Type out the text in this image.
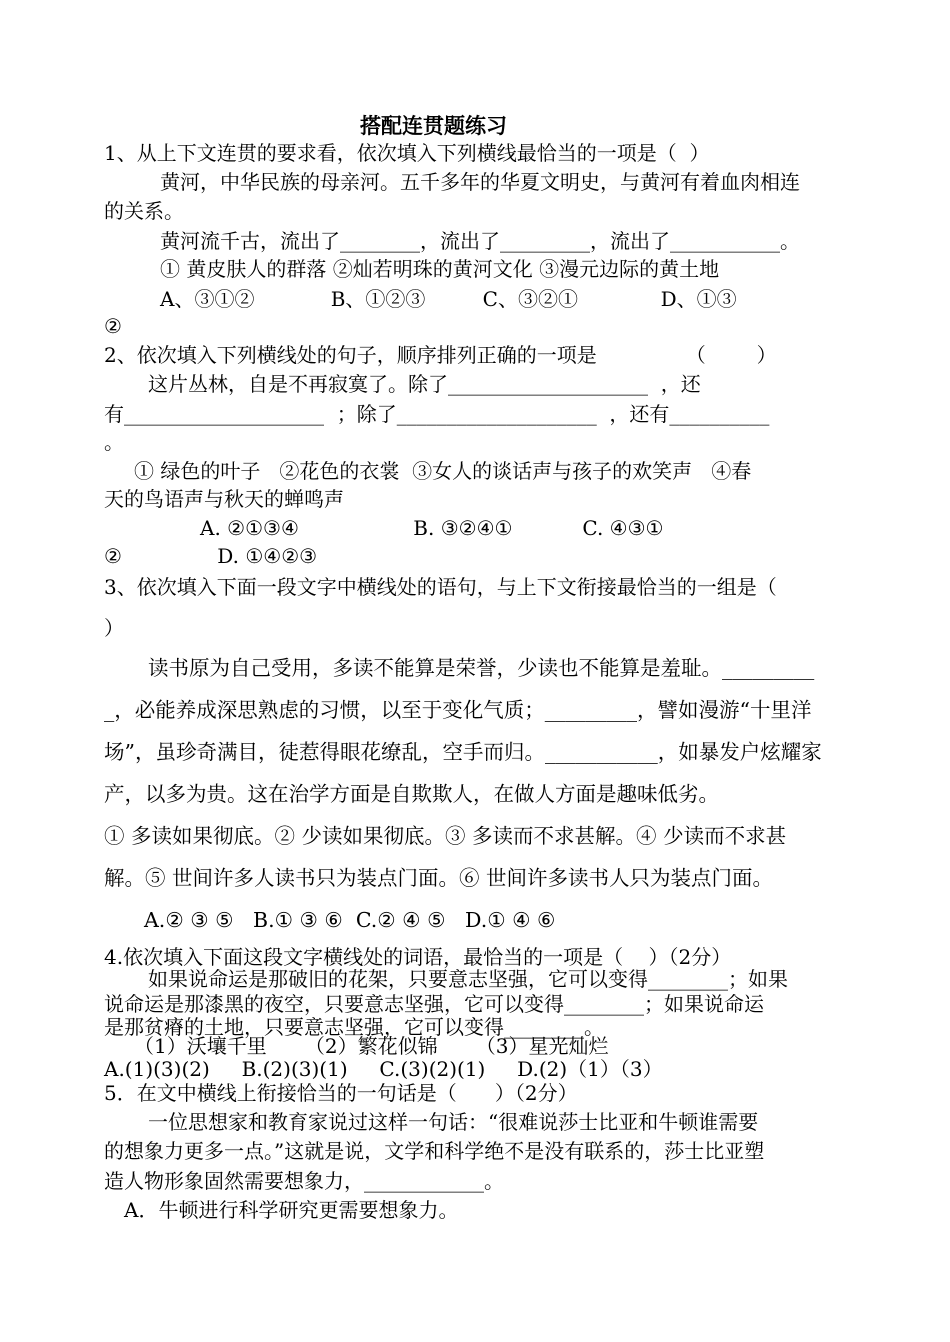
搭配连贯题练习
1、从上下文连贯的要求看，依次填入下列横线最恰当的一项是（  ）
黄河，中华民族的母亲河。五千多年的华夏文明史，与黄河有着血肉相连
的关系。
黄河流千古，流出了________，流出了_________，流出了___________。
① 黄皮肤人的群落 ②灿若明珠的黄河文化 ③漫元边际的黄土地
A、③①②            B、①②③         C、③②①             D、①③
②
2、依次填入下列横线处的句子，顺序排列正确的一项是              （        ）
这片丛林，自是不再寂寞了。除了____________________  ，还
有____________________  ；除了____________________  ，还有__________
。
① 绿色的叶子   ②花色的衣裳  ③女人的谈话声与孩子的欢笑声   ④春
天的鸟语声与秋天的蝉鸣声
A. ②①③④                  B. ③②④①           C. ④③①
②               D. ①④②③
3、依次填入下面一段文字中横线处的语句，与上下文衔接最恰当的一组是（
）
读书原为自己受用，多读不能算是荣誉，少读也不能算是羞耻。_________
_，必能养成深思熟虑的习惯，以至于变化气质；_________，譬如漫游“十里洋
场”，虽珍奇满目，徒惹得眼花缭乱，空手而归。___________，如暴发户炫耀家
产，以多为贵。这在治学方面是自欺欺人，在做人方面是趣味低劣。
① 多读如果彻底。② 少读如果彻底。③ 多读而不求甚解。④ 少读而不求甚
解。⑤ 世间许多人读书只为装点门面。⑥ 世间许多读书人只为装点门面。
A.② ③ ⑤   B.① ③ ⑥  C.② ④ ⑤   D.① ④ ⑥
4.依次填入下面这段文字横线处的词语，最恰当的一项是（    ）（2分）
如果说命运是那破旧的花架，只要意志坚强，它可以变得________；如果
说命运是那漆黑的夜空，只要意志坚强，它可以变得________；如果说命运
是那贫瘠的土地，只要意志坚强，它可以变得________。
（1）沃壤千里      （2）繁花似锦      （3）星光灿烂
A.(1)(3)(2)     B.(2)(3)(1)     C.(3)(2)(1)     D.(2)（1）（3）
5．在文中横线上衔接恰当的一句话是（      ）（2分）
一位思想家和教育家说过这样一句话：“很难说莎士比亚和牛顿谁需要
的想象力更多一点。”这就是说，文学和科学绝不是没有联系的，莎士比亚塑
造人物形象固然需要想象力，____________。
A．牛顿进行科学研究更需要想象力。
